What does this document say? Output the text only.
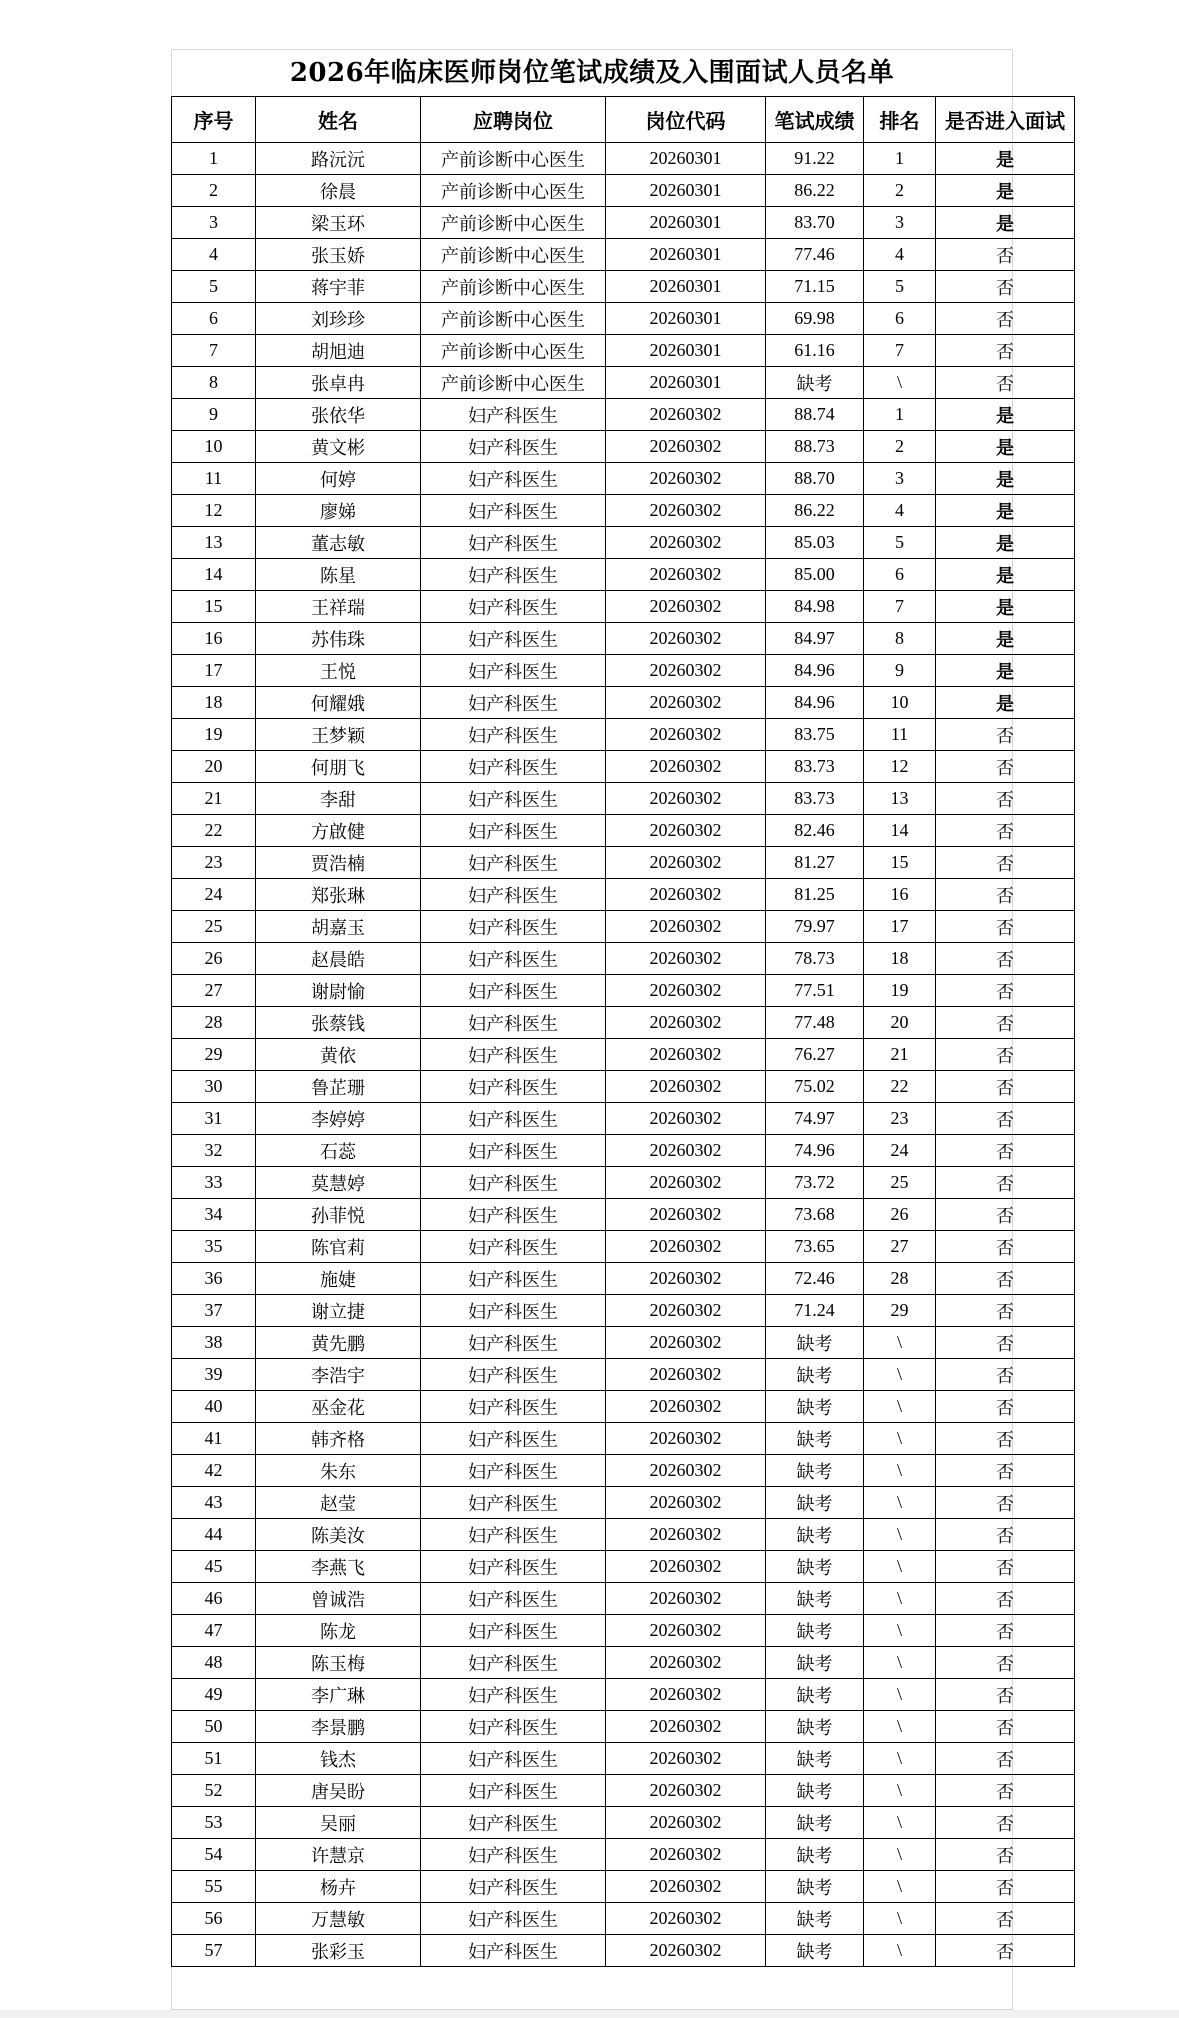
2026年临床医师岗位笔试成绩及入围面试人员名单
序号	姓名	应聘岗位	岗位代码	笔试成绩	排名	是否进入面试
1	路沅沅	产前诊断中心医生	20260301	91.22	1	是
2	徐晨	产前诊断中心医生	20260301	86.22	2	是
3	梁玉环	产前诊断中心医生	20260301	83.70	3	是
4	张玉娇	产前诊断中心医生	20260301	77.46	4	否
5	蒋宇菲	产前诊断中心医生	20260301	71.15	5	否
6	刘珍珍	产前诊断中心医生	20260301	69.98	6	否
7	胡旭迪	产前诊断中心医生	20260301	61.16	7	否
8	张卓冉	产前诊断中心医生	20260301	缺考	\	否
9	张依华	妇产科医生	20260302	88.74	1	是
10	黄文彬	妇产科医生	20260302	88.73	2	是
11	何婷	妇产科医生	20260302	88.70	3	是
12	廖娣	妇产科医生	20260302	86.22	4	是
13	董志敏	妇产科医生	20260302	85.03	5	是
14	陈星	妇产科医生	20260302	85.00	6	是
15	王祥瑞	妇产科医生	20260302	84.98	7	是
16	苏伟珠	妇产科医生	20260302	84.97	8	是
17	王悦	妇产科医生	20260302	84.96	9	是
18	何耀娥	妇产科医生	20260302	84.96	10	是
19	王梦颖	妇产科医生	20260302	83.75	11	否
20	何朋飞	妇产科医生	20260302	83.73	12	否
21	李甜	妇产科医生	20260302	83.73	13	否
22	方啟健	妇产科医生	20260302	82.46	14	否
23	贾浩楠	妇产科医生	20260302	81.27	15	否
24	郑张琳	妇产科医生	20260302	81.25	16	否
25	胡嘉玉	妇产科医生	20260302	79.97	17	否
26	赵晨皓	妇产科医生	20260302	78.73	18	否
27	谢尉愉	妇产科医生	20260302	77.51	19	否
28	张蔡钱	妇产科医生	20260302	77.48	20	否
29	黄依	妇产科医生	20260302	76.27	21	否
30	鲁芷珊	妇产科医生	20260302	75.02	22	否
31	李婷婷	妇产科医生	20260302	74.97	23	否
32	石蕊	妇产科医生	20260302	74.96	24	否
33	莫慧婷	妇产科医生	20260302	73.72	25	否
34	孙菲悦	妇产科医生	20260302	73.68	26	否
35	陈官莉	妇产科医生	20260302	73.65	27	否
36	施婕	妇产科医生	20260302	72.46	28	否
37	谢立捷	妇产科医生	20260302	71.24	29	否
38	黄先鹏	妇产科医生	20260302	缺考	\	否
39	李浩宇	妇产科医生	20260302	缺考	\	否
40	巫金花	妇产科医生	20260302	缺考	\	否
41	韩齐格	妇产科医生	20260302	缺考	\	否
42	朱东	妇产科医生	20260302	缺考	\	否
43	赵莹	妇产科医生	20260302	缺考	\	否
44	陈美汝	妇产科医生	20260302	缺考	\	否
45	李燕飞	妇产科医生	20260302	缺考	\	否
46	曾诚浩	妇产科医生	20260302	缺考	\	否
47	陈龙	妇产科医生	20260302	缺考	\	否
48	陈玉梅	妇产科医生	20260302	缺考	\	否
49	李广琳	妇产科医生	20260302	缺考	\	否
50	李景鹏	妇产科医生	20260302	缺考	\	否
51	钱杰	妇产科医生	20260302	缺考	\	否
52	唐吴盼	妇产科医生	20260302	缺考	\	否
53	吴丽	妇产科医生	20260302	缺考	\	否
54	许慧京	妇产科医生	20260302	缺考	\	否
55	杨卉	妇产科医生	20260302	缺考	\	否
56	万慧敏	妇产科医生	20260302	缺考	\	否
57	张彩玉	妇产科医生	20260302	缺考	\	否
